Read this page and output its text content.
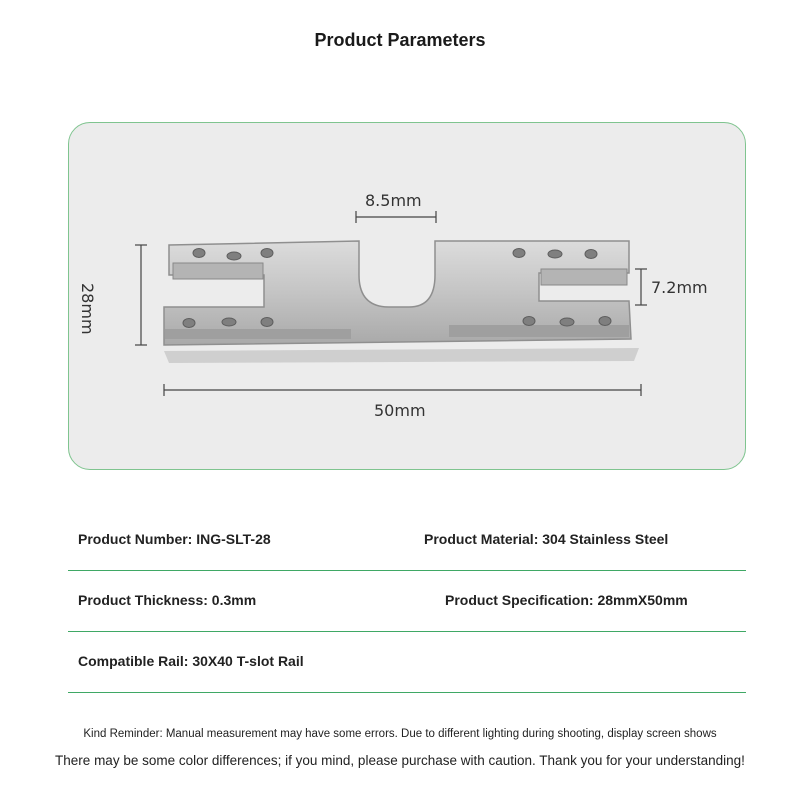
Product Parameters
8.5mm
28mm	7.2mm
50mm
Product Number: ING-SLT-28	Product Material: 304 Stainless Steel
Product Thickness: 0.3mm	Product Specification: 28mmX50mm
Compatible Rail: 30X40 T-slot Rail
Kind Reminder: Manual measurement may have some errors. Due to different lighting during shooting, display screen shows
There may be some color differences; if you mind, please purchase with caution. Thank you for your understanding!
